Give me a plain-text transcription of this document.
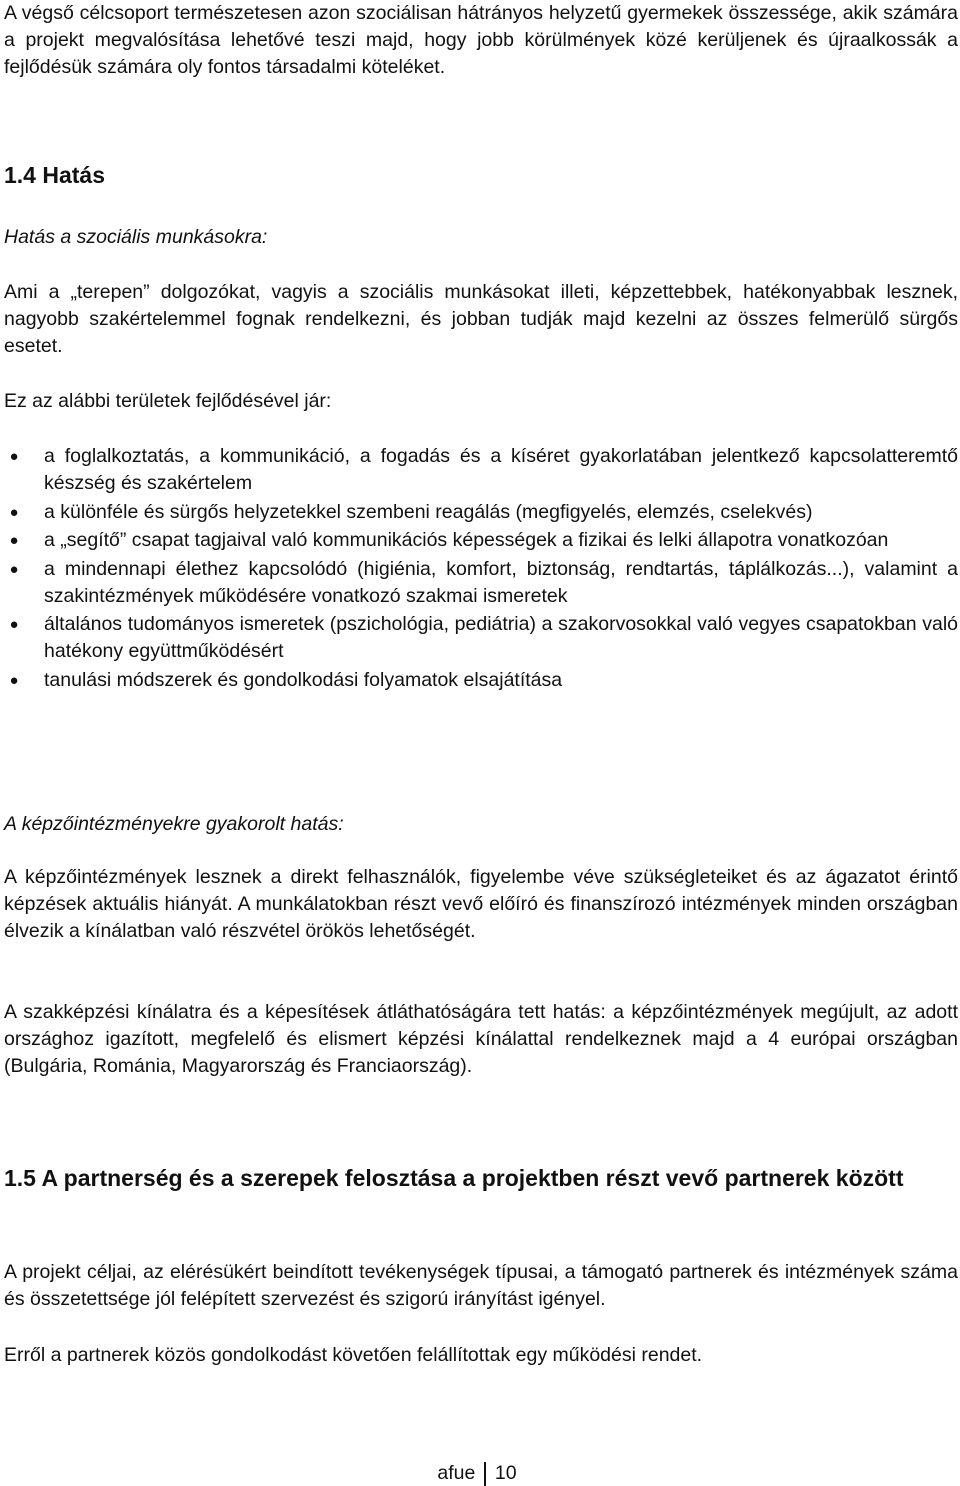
A végső célcsoport természetesen azon szociálisan hátrányos helyzetű gyermekek összessége, akik számára a projekt megvalósítása lehetővé teszi majd, hogy jobb körülmények közé kerüljenek és újraalkossák a fejlődésük számára oly fontos társadalmi köteléket.

1.4 Hatás

Hatás a szociális munkásokra:

Ami a „terepen” dolgozókat, vagyis a szociális munkásokat illeti, képzettebbek, hatékonyabbak lesznek, nagyobb szakértelemmel fognak rendelkezni, és jobban tudják majd kezelni az összes felmerülő sürgős esetet.

Ez az alábbi területek fejlődésével jár:

● a foglalkoztatás, a kommunikáció, a fogadás és a kíséret gyakorlatában jelentkező kapcsolatteremtő készség és szakértelem
● a különféle és sürgős helyzetekkel szembeni reagálás (megfigyelés, elemzés, cselekvés)
● a „segítő” csapat tagjaival való kommunikációs képességek a fizikai és lelki állapotra vonatkozóan
● a mindennapi élethez kapcsolódó (higiénia, komfort, biztonság, rendtartás, táplálkozás...), valamint a szakintézmények működésére vonatkozó szakmai ismeretek
● általános tudományos ismeretek (pszichológia, pediátria) a szakorvosokkal való vegyes csapatokban való hatékony együttműködésért
● tanulási módszerek és gondolkodási folyamatok elsajátítása

A képzőintézményekre gyakorolt hatás:

A képzőintézmények lesznek a direkt felhasználók, figyelembe véve szükségleteiket és az ágazatot érintő képzések aktuális hiányát. A munkálatokban részt vevő előíró és finanszírozó intézmények minden országban élvezik a kínálatban való részvétel örökös lehetőségét.

A szakképzési kínálatra és a képesítések átláthatóságára tett hatás: a képzőintézmények megújult, az adott országhoz igazított, megfelelő és elismert képzési kínálattal rendelkeznek majd a 4 európai országban (Bulgária, Románia, Magyarország és Franciaország).

1.5 A partnerség és a szerepek felosztása a projektben részt vevő partnerek között

A projekt céljai, az elérésükért beindított tevékenységek típusai, a támogató partnerek és intézmények száma és összetettsége jól felépített szervezést és szigorú irányítást igényel.

Erről a partnerek közös gondolkodást követően felállítottak egy működési rendet.

afue 10
